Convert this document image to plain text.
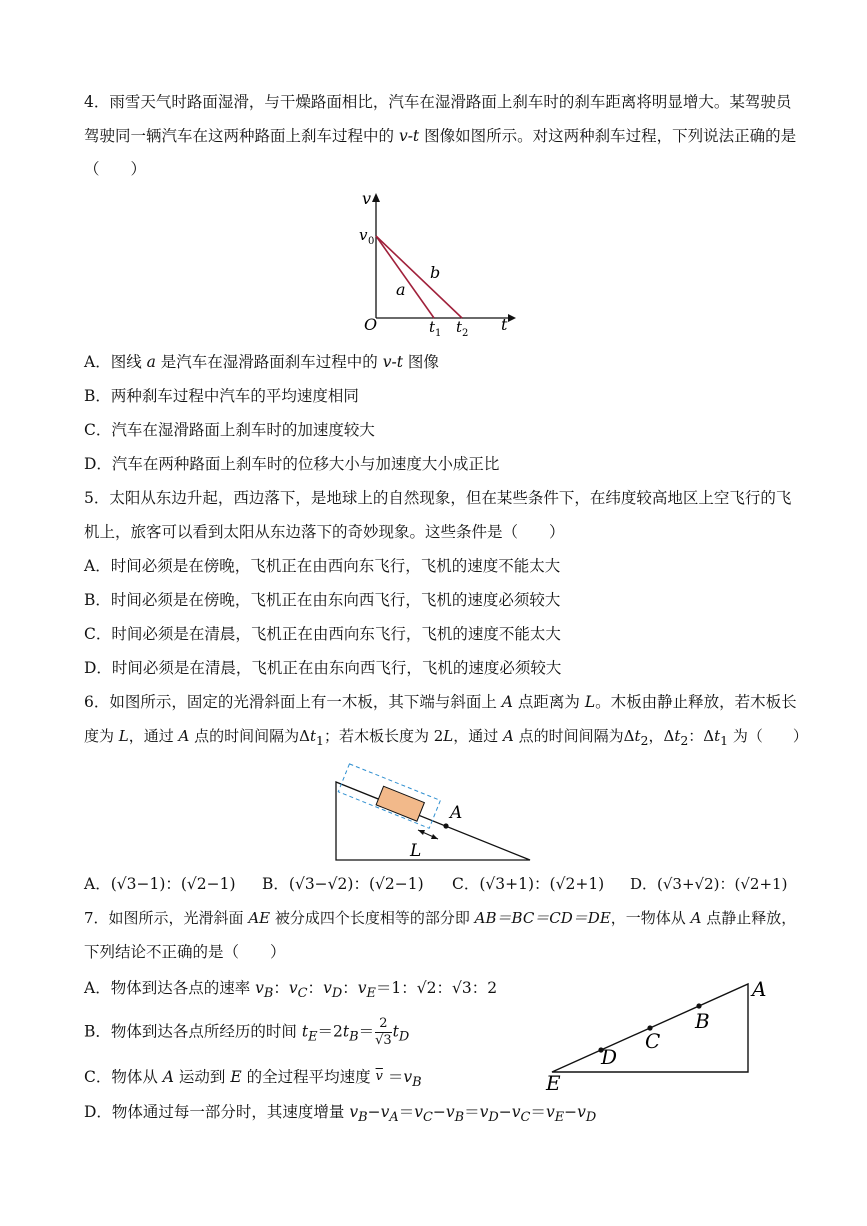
4．雨雪天气时路面湿滑，与干燥路面相比，汽车在湿滑路面上刹车时的刹车距离将明显增大。某驾驶员
驾驶同一辆汽车在这两种路面上刹车过程中的 v-t 图像如图所示。对这两种刹车过程，下列说法正确的是
（　　）
v
v 0
O	t 1 t 2 t
a
b
A．图线 a 是汽车在湿滑路面刹车过程中的 v-t 图像
B．两种刹车过程中汽车的平均速度相同
C．汽车在湿滑路面上刹车时的加速度较大
D．汽车在两种路面上刹车时的位移大小与加速度大小成正比
5．太阳从东边升起，西边落下，是地球上的自然现象，但在某些条件下，在纬度较高地区上空飞行的飞
机上，旅客可以看到太阳从东边落下的奇妙现象。这些条件是（　　）
A．时间必须是在傍晚，飞机正在由西向东飞行，飞机的速度不能太大
B．时间必须是在傍晚，飞机正在由东向西飞行，飞机的速度必须较大
C．时间必须是在清晨，飞机正在由西向东飞行，飞机的速度不能太大
D．时间必须是在清晨，飞机正在由东向西飞行，飞机的速度必须较大
6．如图所示，固定的光滑斜面上有一木板，其下端与斜面上 A 点距离为 L。木板由静止释放，若木板长
度为 L，通过 A 点的时间间隔为$\Delta t_1$；若木板长度为 2L，通过 A 点的时间间隔为$\Delta t_2$，$\Delta t_2$：$\Delta t_1$ 为（　　）
A
L
A．(√3−1)：(√2−1) B．(√3−√2)：(√2−1) C．(√3+1)：(√2+1) D．(√3+√2)：(√2+1)
7．如图所示，光滑斜面 AE 被分成四个长度相等的部分即 AB＝BC＝CD＝DE，一物体从 A 点静止释放，
下列结论不正确的是（　　）
A．物体到达各点的速率 $v_B$：$v_C$：$v_D$：$v_E=1$：√2：√3：2
B．物体到达各点所经历的时间 $t_E=2t_B= \frac{2}{√3} t_D$
C．物体从 A 运动到 E 的全过程平均速度 $\overline{v} =v_B$
D．物体通过每一部分时，其速度增量 $v_B-v_A=v_C-v_B=v_D-v_C=v_E-v_D$
A
B
C
D
E
